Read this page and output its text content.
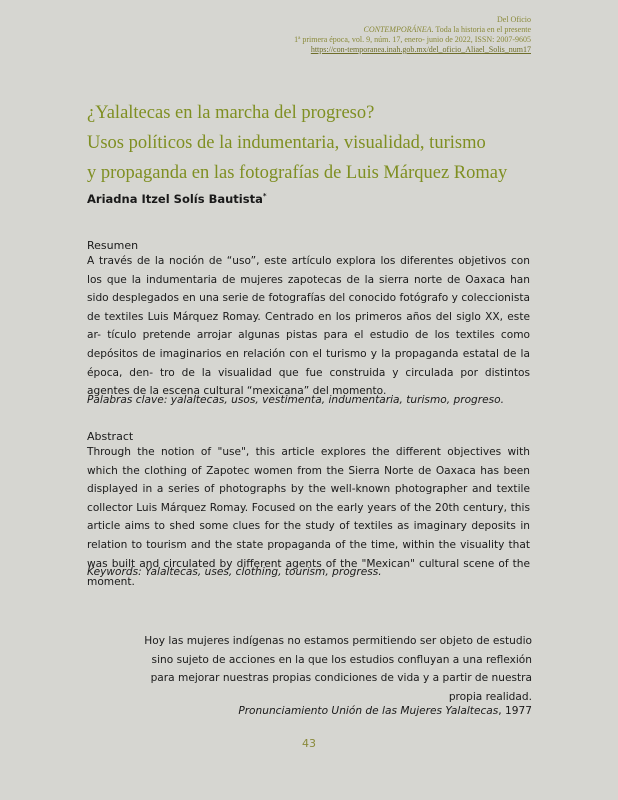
Del Oficio
CONTEMPORÁNEA. Toda la historia en el presente
1ª primera época, vol. 9, núm. 17, enero- junio de 2022, ISSN: 2007-9605
https://con-temporanea.inah.gob.mx/del_oficio_Aliael_Solis_num17
¿Yalaltecas en la marcha del progreso?
Usos políticos de la indumentaria, visualidad, turismo
y propaganda en las fotografías de Luis Márquez Romay
Ariadna Itzel Solís Bautista*
Resumen
A través de la noción de “uso”, este artículo explora los diferentes objetivos con los que la indumentaria de mujeres zapotecas de la sierra norte de Oaxaca han sido desplegados en una serie de fotografías del conocido fotógrafo y coleccionista de textiles Luis Márquez Romay. Centrado en los primeros años del siglo XX, este ar- tículo pretende arrojar algunas pistas para el estudio de los textiles como depósitos de imaginarios en relación con el turismo y la propaganda estatal de la época, den- tro de la visualidad que fue construida y circulada por distintos agentes de la escena cultural “mexicana” del momento.
Palabras clave: yalaltecas, usos, vestimenta, indumentaria, turismo, progreso.
Abstract
Through the notion of "use", this article explores the different objectives with which the clothing of Zapotec women from the Sierra Norte de Oaxaca has been displayed in a series of photographs by the well-known photographer and textile collector Luis Márquez Romay. Focused on the early years of the 20th century, this article aims to shed some clues for the study of textiles as imaginary deposits in relation to tourism and the state propaganda of the time, within the visuality that was built and circulated by different agents of the "Mexican" cultural scene of the moment.
Keywords: Yalaltecas, uses, clothing, tourism, progress.
Hoy las mujeres indígenas no estamos permitiendo ser objeto de estudio sino sujeto de acciones en la que los estudios confluyan a una reflexión para mejorar nuestras propias condiciones de vida y a partir de nuestra propia realidad.
Pronunciamiento Unión de las Mujeres Yalaltecas, 1977
43
